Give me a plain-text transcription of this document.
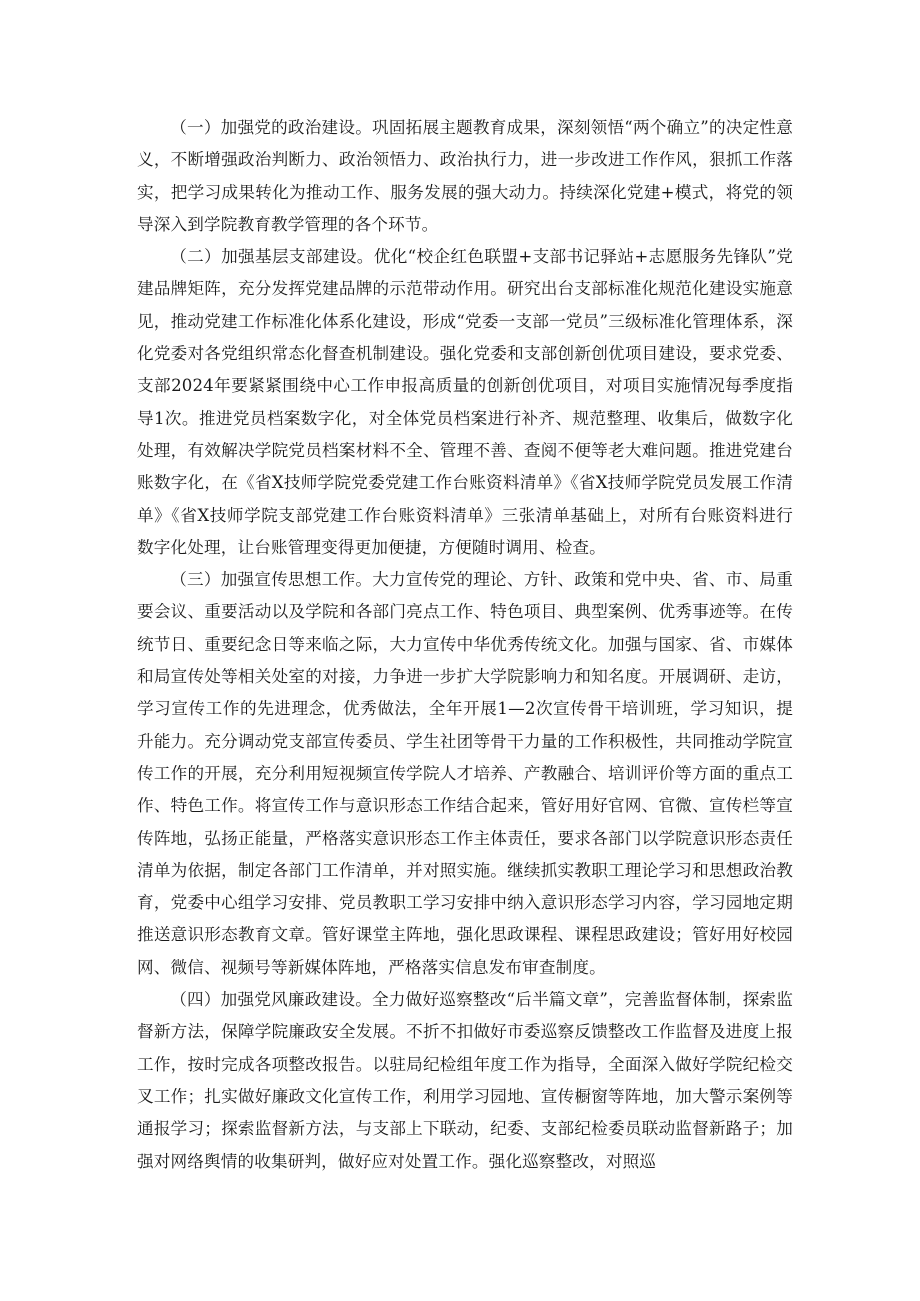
（一）加强党的政治建设。巩固拓展主题教育成果，深刻领悟“两个确立”的决定性意义，不断增强政治判断力、政治领悟力、政治执行力，进一步改进工作作风，狠抓工作落实，把学习成果转化为推动工作、服务发展的强大动力。持续深化党建+模式，将党的领导深入到学院教育教学管理的各个环节。

（二）加强基层支部建设。优化“校企红色联盟+支部书记驿站+志愿服务先锋队”党建品牌矩阵，充分发挥党建品牌的示范带动作用。研究出台支部标准化规范化建设实施意见，推动党建工作标准化体系化建设，形成“党委一支部一党员”三级标准化管理体系，深化党委对各党组织常态化督查机制建设。强化党委和支部创新创优项目建设，要求党委、支部2024年要紧紧围绕中心工作申报高质量的创新创优项目，对项目实施情况每季度指导1次。推进党员档案数字化，对全体党员档案进行补齐、规范整理、收集后，做数字化处理，有效解决学院党员档案材料不全、管理不善、查阅不便等老大难问题。推进党建台账数字化，在《省X技师学院党委党建工作台账资料清单》《省X技师学院党员发展工作清单》《省X技师学院支部党建工作台账资料清单》三张清单基础上，对所有台账资料进行数字化处理，让台账管理变得更加便捷，方便随时调用、检查。

（三）加强宣传思想工作。大力宣传党的理论、方针、政策和党中央、省、市、局重要会议、重要活动以及学院和各部门亮点工作、特色项目、典型案例、优秀事迹等。在传统节日、重要纪念日等来临之际，大力宣传中华优秀传统文化。加强与国家、省、市媒体和局宣传处等相关处室的对接，力争进一步扩大学院影响力和知名度。开展调研、走访，学习宣传工作的先进理念，优秀做法，全年开展1—2次宣传骨干培训班，学习知识，提升能力。充分调动党支部宣传委员、学生社团等骨干力量的工作积极性，共同推动学院宣传工作的开展，充分利用短视频宣传学院人才培养、产教融合、培训评价等方面的重点工作、特色工作。将宣传工作与意识形态工作结合起来，管好用好官网、官微、宣传栏等宣传阵地，弘扬正能量，严格落实意识形态工作主体责任，要求各部门以学院意识形态责任清单为依据，制定各部门工作清单，并对照实施。继续抓实教职工理论学习和思想政治教育，党委中心组学习安排、党员教职工学习安排中纳入意识形态学习内容，学习园地定期推送意识形态教育文章。管好课堂主阵地，强化思政课程、课程思政建设；管好用好校园网、微信、视频号等新媒体阵地，严格落实信息发布审查制度。

（四）加强党风廉政建设。全力做好巡察整改“后半篇文章”，完善监督体制，探索监督新方法，保障学院廉政安全发展。不折不扣做好市委巡察反馈整改工作监督及进度上报工作，按时完成各项整改报告。以驻局纪检组年度工作为指导，全面深入做好学院纪检交叉工作；扎实做好廉政文化宣传工作，利用学习园地、宣传橱窗等阵地，加大警示案例等通报学习；探索监督新方法，与支部上下联动，纪委、支部纪检委员联动监督新路子；加强对网络舆情的收集研判，做好应对处置工作。强化巡察整改，对照巡
